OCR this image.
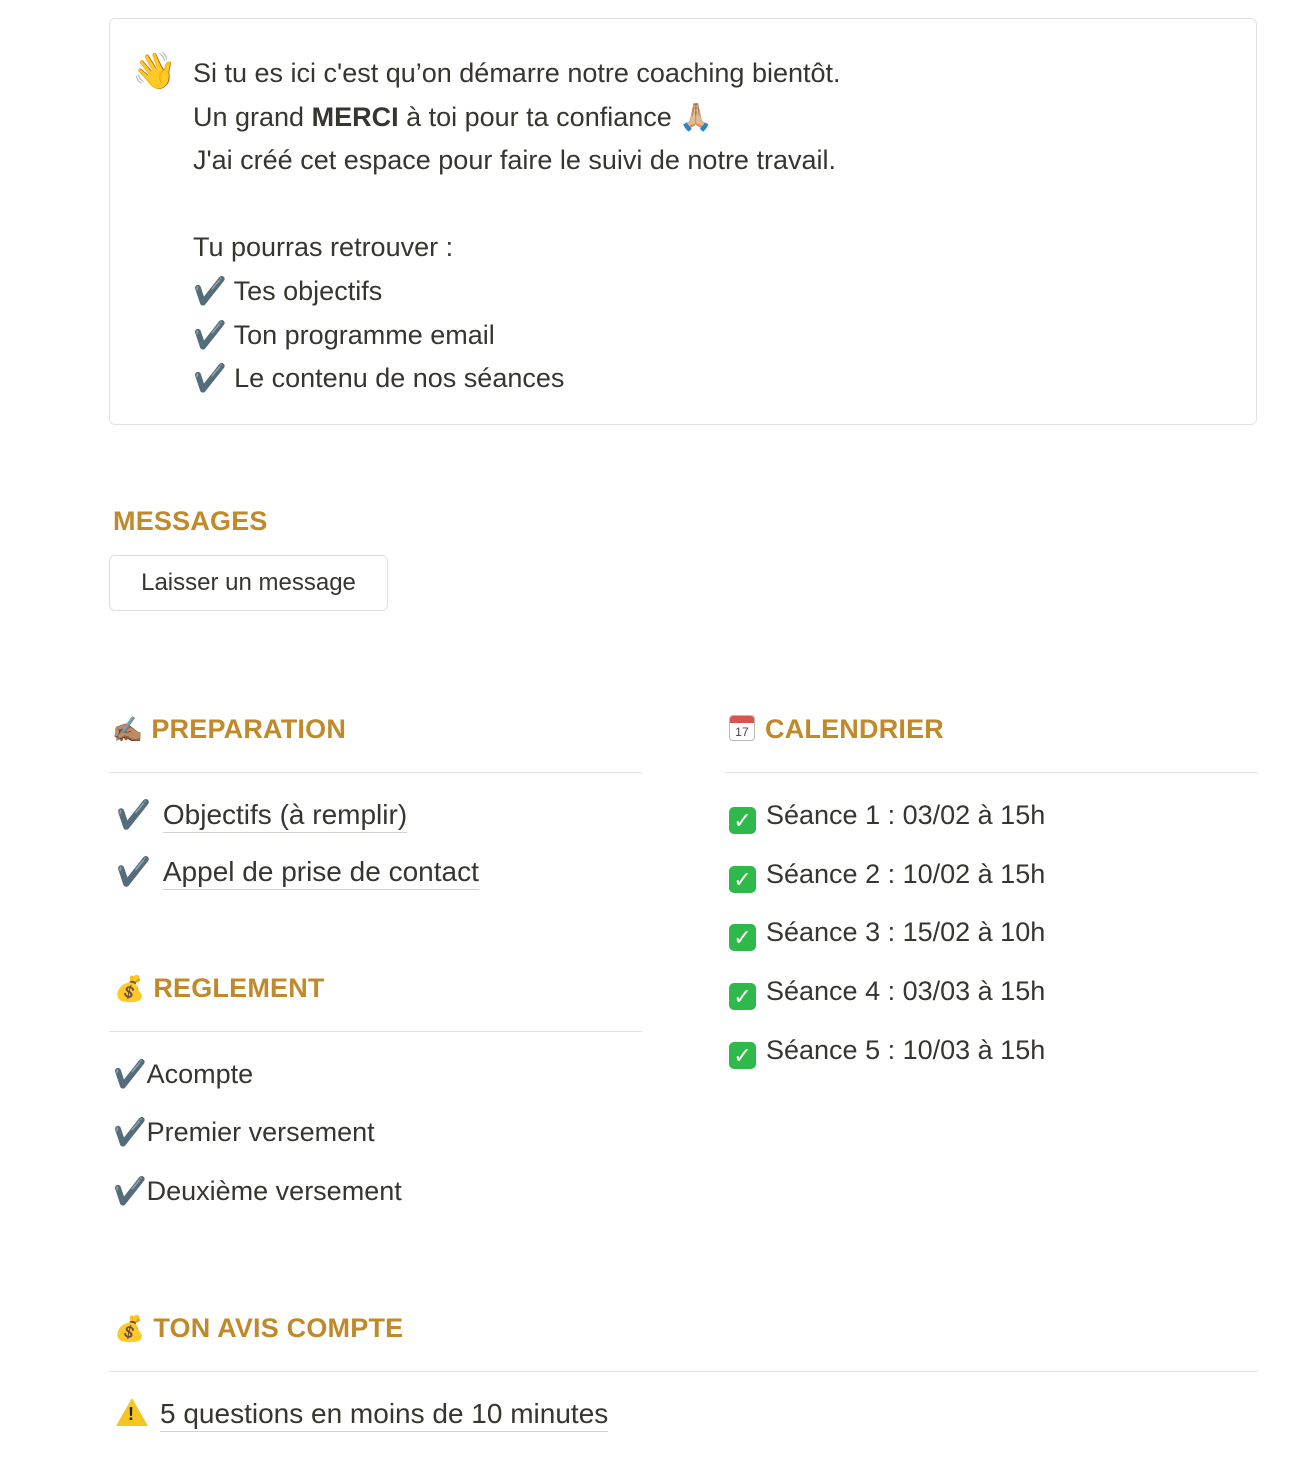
👋 Si tu es ici c'est qu’on démarre notre coaching bientôt.
Un grand MERCI à toi pour ta confiance 🙏🏼
J'ai créé cet espace pour faire le suivi de notre travail.
Tu pourras retrouver :
✔️ Tes objectifs
✔️ Ton programme email
✔️ Le contenu de nos séances
MESSAGES
Laisser un message
✍🏽 PREPARATION
✔️ Objectifs (à remplir)
✔️ Appel de prise de contact
💰 REGLEMENT
✔️Acompte
✔️Premier versement
✔️Deuxième versement
17 CALENDRIER
✓ Séance 1 : 03/02 à 15h
✓ Séance 2 : 10/02 à 15h
✓ Séance 3 : 15/02 à 10h
✓ Séance 4 : 03/03 à 15h
✓ Séance 5 : 10/03 à 15h
💰 TON AVIS COMPTE
! 5 questions en moins de 10 minutes
